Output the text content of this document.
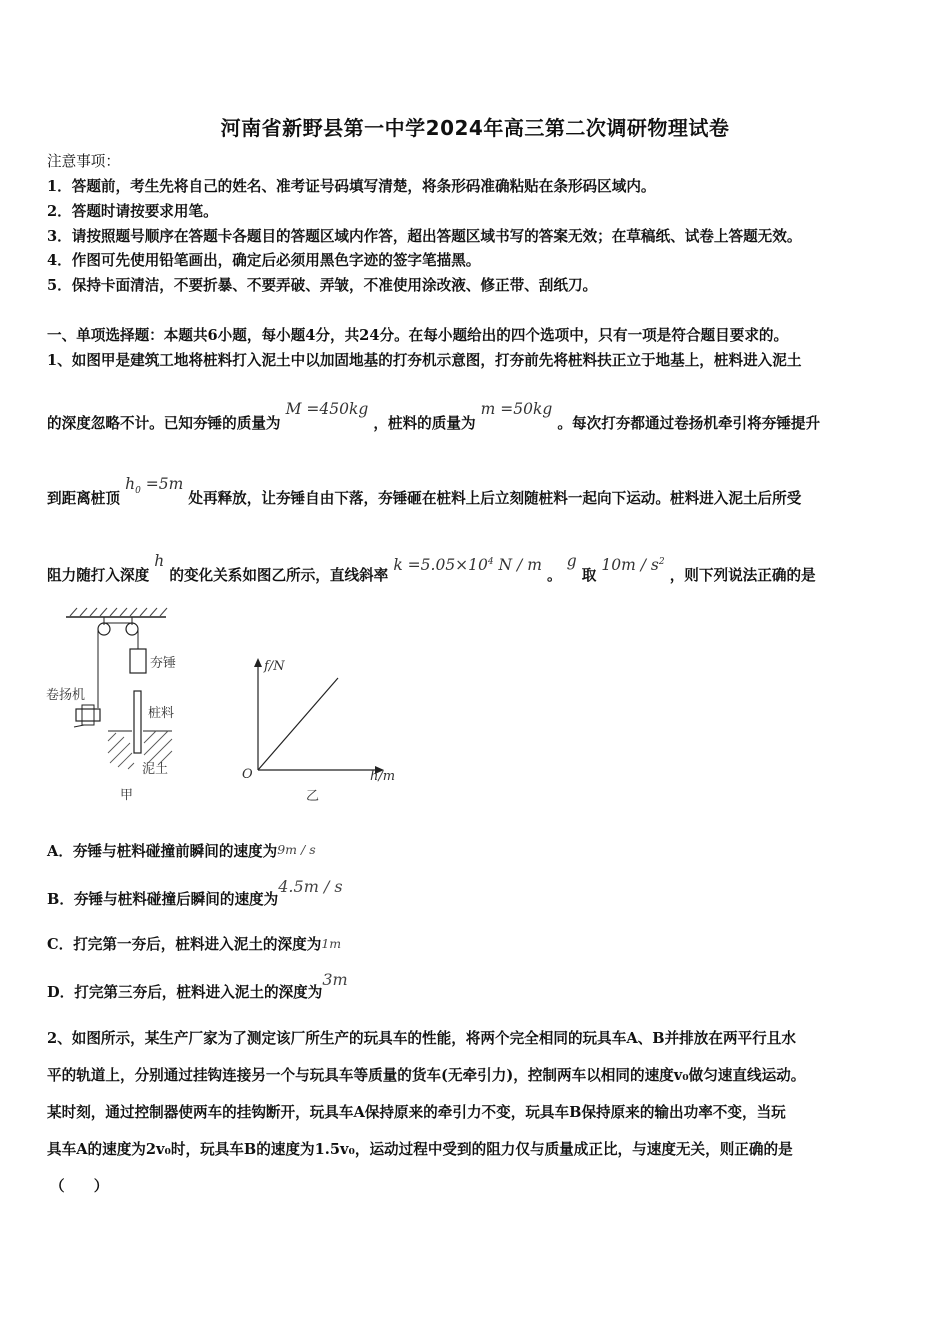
河南省新野县第一中学2024年高三第二次调研物理试卷
注意事项：
1．答题前，考生先将自己的姓名、准考证号码填写清楚，将条形码准确粘贴在条形码区域内。
2．答题时请按要求用笔。
3．请按照题号顺序在答题卡各题目的答题区域内作答，超出答题区域书写的答案无效；在草稿纸、试卷上答题无效。
4．作图可先使用铅笔画出，确定后必须用黑色字迹的签字笔描黑。
5．保持卡面清洁，不要折暴、不要弄破、弄皱，不准使用涂改液、修正带、刮纸刀。
一、单项选择题：本题共6小题，每小题4分，共24分。在每小题给出的四个选项中，只有一项是符合题目要求的。
1、如图甲是建筑工地将桩料打入泥土中以加固地基的打夯机示意图，打夯前先将桩料扶正立于地基上，桩料进入泥土
的深度忽略不计。已知夯锤的质量为 M =450kg ，桩料的质量为 m =50kg 。每次打夯都通过卷扬机牵引将夯锤提升
到距离桩顶 $h_0 =5m$ 处再释放，让夯锤自由下落，夯锤砸在桩料上后立刻随桩料一起向下运动。桩料进入泥土后所受
阻力随打入深度 h 的变化关系如图乙所示，直线斜率 $k =5.05\times 10^4$ N / m 。 g 取 $10m / s^2$ ，则下列说法正确的是
夯锤
卷扬机
桩料
泥土
甲
f/N
h/m
O
乙
A．夯锤与桩料碰撞前瞬间的速度为9m / s
B．夯锤与桩料碰撞后瞬间的速度为4.5m / s
C．打完第一夯后，桩料进入泥土的深度为1m
D．打完第三夯后，桩料进入泥土的深度为3m
2、如图所示，某生产厂家为了测定该厂所生产的玩具车的性能，将两个完全相同的玩具车A、B并排放在两平行且水
平的轨道上，分别通过挂钩连接另一个与玩具车等质量的货车(无牵引力)，控制两车以相同的速度v₀做匀速直线运动。
某时刻，通过控制器使两车的挂钩断开，玩具车A保持原来的牵引力不变，玩具车B保持原来的输出功率不变，当玩
具车A的速度为2v₀时，玩具车B的速度为1.5v₀，运动过程中受到的阻力仅与质量成正比，与速度无关，则正确的是
（　　）
